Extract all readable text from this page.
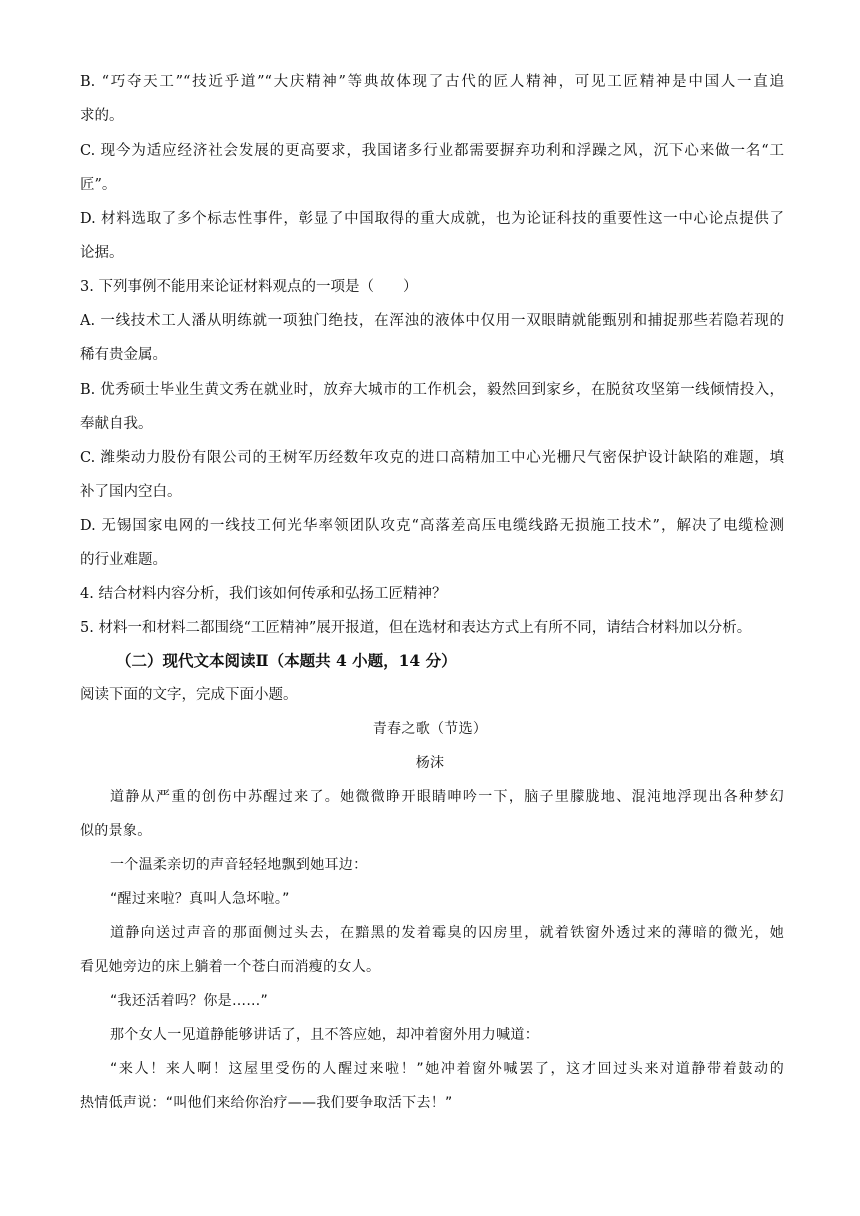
B. “巧夺天工”“技近乎道”“大庆精神”等典故体现了古代的匠人精神，可见工匠精神是中国人一直追
求的。
C. 现今为适应经济社会发展的更高要求，我国诸多行业都需要摒弃功利和浮躁之风，沉下心来做一名“工
匠”。
D. 材料选取了多个标志性事件，彰显了中国取得的重大成就，也为论证科技的重要性这一中心论点提供了
论据。
3. 下列事例不能用来论证材料观点的一项是（　　）
A. 一线技术工人潘从明练就一项独门绝技，在浑浊的液体中仅用一双眼睛就能甄别和捕捉那些若隐若现的
稀有贵金属。
B. 优秀硕士毕业生黄文秀在就业时，放弃大城市的工作机会，毅然回到家乡，在脱贫攻坚第一线倾情投入，
奉献自我。
C. 潍柴动力股份有限公司的王树军历经数年攻克的进口高精加工中心光栅尺气密保护设计缺陷的难题，填
补了国内空白。
D. 无锡国家电网的一线技工何光华率领团队攻克“高落差高压电缆线路无损施工技术”，解决了电缆检测
的行业难题。
4. 结合材料内容分析，我们该如何传承和弘扬工匠精神？
5. 材料一和材料二都围绕“工匠精神”展开报道，但在选材和表达方式上有所不同，请结合材料加以分析。
（二）现代文本阅读Ⅱ（本题共 4 小题，14 分）
阅读下面的文字，完成下面小题。
青春之歌（节选）
杨沫
道静从严重的创伤中苏醒过来了。她微微睁开眼睛呻吟一下，脑子里朦胧地、混沌地浮现出各种梦幻
似的景象。
一个温柔亲切的声音轻轻地飘到她耳边：
“醒过来啦？真叫人急坏啦。”
道静向送过声音的那面侧过头去，在黯黑的发着霉臭的囚房里，就着铁窗外透过来的薄暗的微光，她
看见她旁边的床上躺着一个苍白而消瘦的女人。
“我还活着吗？你是……”
那个女人一见道静能够讲话了，且不答应她，却冲着窗外用力喊道：
“来人！来人啊！这屋里受伤的人醒过来啦！”她冲着窗外喊罢了，这才回过头来对道静带着鼓动的
热情低声说：“叫他们来给你治疗——我们要争取活下去！”
